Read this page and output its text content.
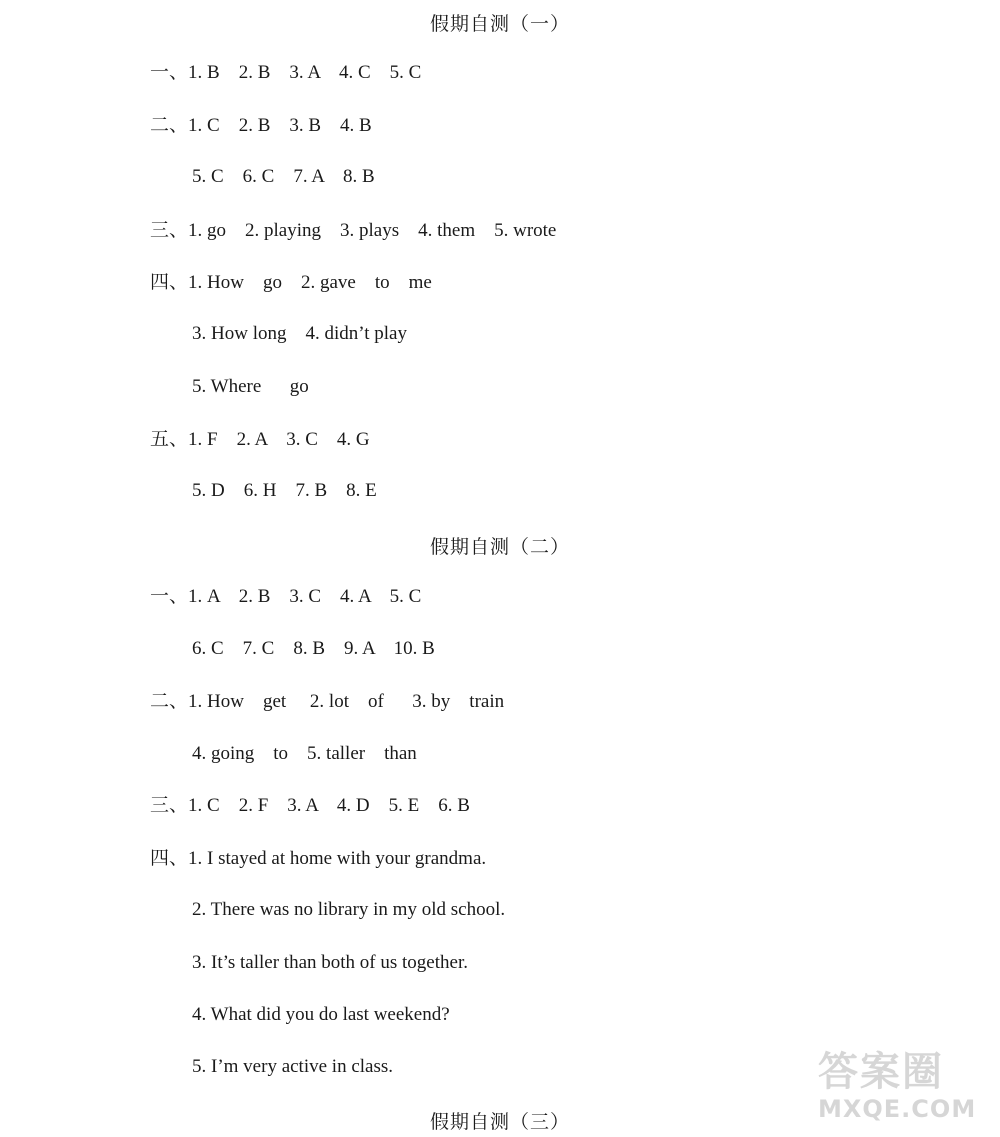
假期自测（一）
一、1. B    2. B    3. A    4. C    5. C
二、1. C    2. B    3. B    4. B
5. C    6. C    7. A    8. B
三、1. go    2. playing    3. plays    4. them    5. wrote
四、1. How    go    2. gave    to    me
3. How long    4. didn’t play
5. Where      go
五、1. F    2. A    3. C    4. G
5. D    6. H    7. B    8. E
假期自测（二）
一、1. A    2. B    3. C    4. A    5. C
6. C    7. C    8. B    9. A    10. B
二、1. How    get     2. lot    of      3. by    train
4. going    to    5. taller    than
三、1. C    2. F    3. A    4. D    5. E    6. B
四、1. I stayed at home with your grandma.
2. There was no library in my old school.
3. It’s taller than both of us together.
4. What did you do last weekend?
5. I’m very active in class.
假期自测（三）
答案圈
MXQE.COM
